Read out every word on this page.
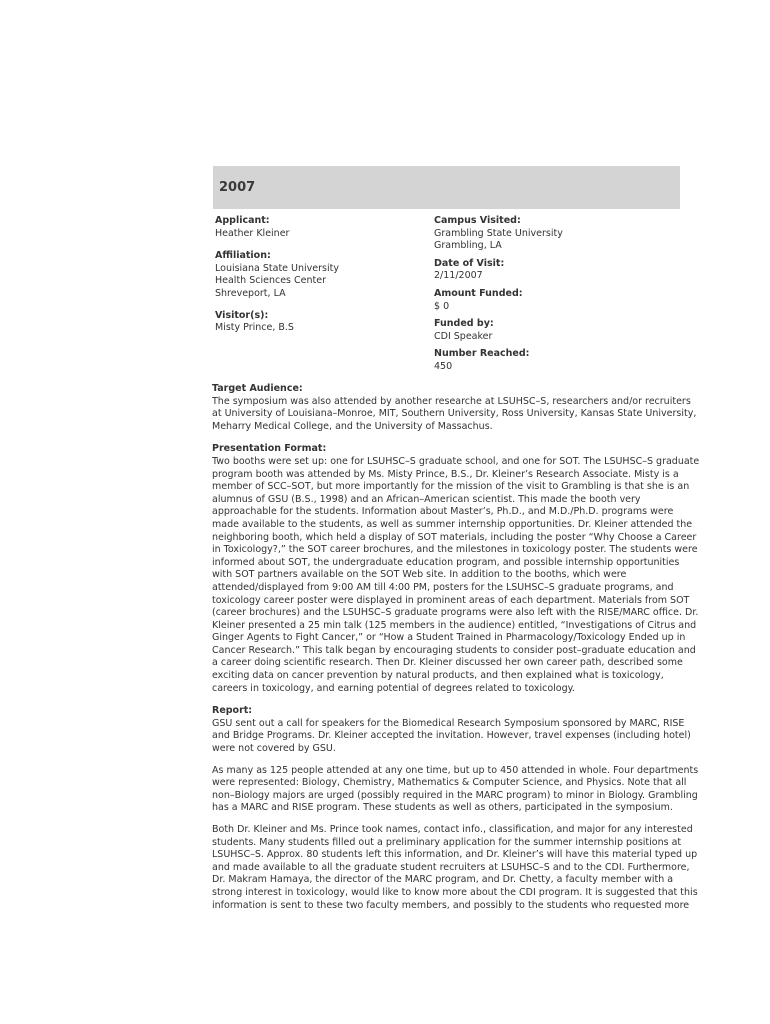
2007
Applicant:
Heather Kleiner
Affiliation:
Louisiana State University
Health Sciences Center
Shreveport, LA
Visitor(s):
Misty Prince, B.S
Campus Visited:
Grambling State University
Grambling, LA
Date of Visit:
2/11/2007
Amount Funded:
$ 0
Funded by:
CDI Speaker
Number Reached:
450
Target Audience:
The symposium was also attended by another researche at LSUHSC–S, researchers and/or recruiters at University of Louisiana–Monroe, MIT, Southern University, Ross University, Kansas State University, Meharry Medical College, and the University of Massachus.
Presentation Format:
Two booths were set up: one for LSUHSC–S graduate school, and one for SOT. The LSUHSC–S graduate program booth was attended by Ms. Misty Prince, B.S., Dr. Kleiner’s Research Associate. Misty is a member of SCC–SOT, but more importantly for the mission of the visit to Grambling is that she is an alumnus of GSU (B.S., 1998) and an African–American scientist. This made the booth very approachable for the students. Information about Master’s, Ph.D., and M.D./Ph.D. programs were made available to the students, as well as summer internship opportunities. Dr. Kleiner attended the neighboring booth, which held a display of SOT materials, including the poster “Why Choose a Career in Toxicology?,” the SOT career brochures, and the milestones in toxicology poster. The students were informed about SOT, the undergraduate education program, and possible internship opportunities with SOT partners available on the SOT Web site. In addition to the booths, which were attended/displayed from 9:00 AM till 4:00 PM, posters for the LSUHSC–S graduate programs, and toxicology career poster were displayed in prominent areas of each department. Materials from SOT (career brochures) and the LSUHSC–S graduate programs were also left with the RISE/MARC office. Dr. Kleiner presented a 25 min talk (125 members in the audience) entitled, “Investigations of Citrus and Ginger Agents to Fight Cancer,” or “How a Student Trained in Pharmacology/Toxicology Ended up in Cancer Research.” This talk began by encouraging students to consider post–graduate education and a career doing scientific research. Then Dr. Kleiner discussed her own career path, described some exciting data on cancer prevention by natural products, and then explained what is toxicology, careers in toxicology, and earning potential of degrees related to toxicology.
Report:
GSU sent out a call for speakers for the Biomedical Research Symposium sponsored by MARC, RISE and Bridge Programs. Dr. Kleiner accepted the invitation. However, travel expenses (including hotel) were not covered by GSU.
As many as 125 people attended at any one time, but up to 450 attended in whole. Four departments were represented: Biology, Chemistry, Mathematics & Computer Science, and Physics. Note that all non–Biology majors are urged (possibly required in the MARC program) to minor in Biology. Grambling has a MARC and RISE program. These students as well as others, participated in the symposium.
Both Dr. Kleiner and Ms. Prince took names, contact info., classification, and major for any interested students. Many students filled out a preliminary application for the summer internship positions at LSUHSC–S. Approx. 80 students left this information, and Dr. Kleiner’s will have this material typed up and made available to all the graduate student recruiters at LSUHSC–S and to the CDI. Furthermore, Dr. Makram Hamaya, the director of the MARC program, and Dr. Chetty, a faculty member with a strong interest in toxicology, would like to know more about the CDI program. It is suggested that this information is sent to these two faculty members, and possibly to the students who requested more
